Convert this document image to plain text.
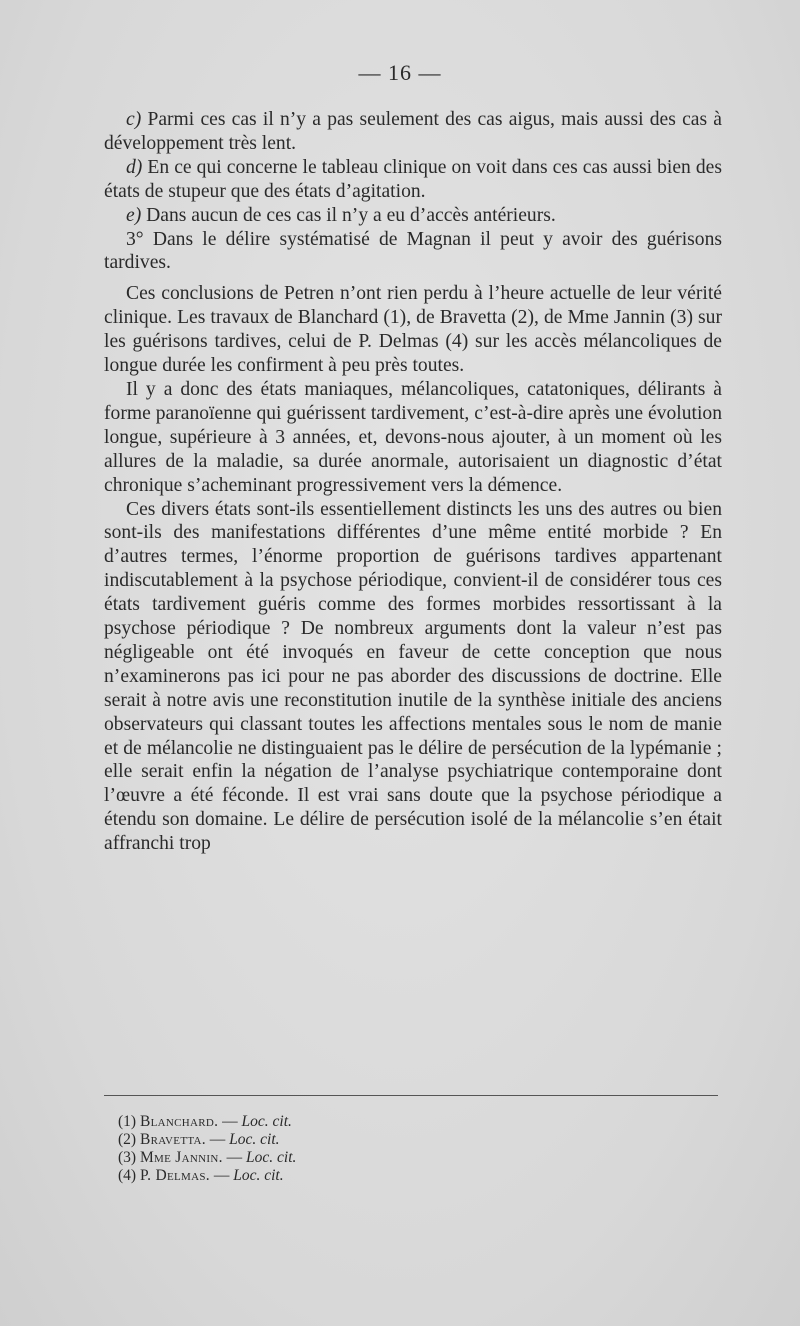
— 16 —

c) Parmi ces cas il n’y a pas seulement des cas aigus, mais aussi des cas à développement très lent.

d) En ce qui concerne le tableau clinique on voit dans ces cas aussi bien des états de stupeur que des états d’agitation.

e) Dans aucun de ces cas il n’y a eu d’accès antérieurs.

3° Dans le délire systématisé de Magnan il peut y avoir des guérisons tardives.

Ces conclusions de Petren n’ont rien perdu à l’heure actuelle de leur vérité clinique. Les travaux de Blanchard (1), de Bravetta (2), de Mme Jannin (3) sur les guérisons tardives, celui de P. Delmas (4) sur les accès mélancoliques de longue durée les confirment à peu près toutes.

Il y a donc des états maniaques, mélancoliques, catatoniques, délirants à forme paranoïenne qui guérissent tardivement, c’est-à-dire après une évolution longue, supérieure à 3 années, et, devons-nous ajouter, à un moment où les allures de la maladie, sa durée anormale, autorisaient un diagnostic d’état chronique s’acheminant progressivement vers la démence.

Ces divers états sont-ils essentiellement distincts les uns des autres ou bien sont-ils des manifestations différentes d’une même entité morbide ? En d’autres termes, l’énorme proportion de guérisons tardives appartenant indiscutablement à la psychose périodique, convient-il de considérer tous ces états tardivement guéris comme des formes morbides ressortissant à la psychose périodique ? De nombreux arguments dont la valeur n’est pas négligeable ont été invoqués en faveur de cette conception que nous n’examinerons pas ici pour ne pas aborder des discussions de doctrine. Elle serait à notre avis une reconstitution inutile de la synthèse initiale des anciens observateurs qui classant toutes les affections mentales sous le nom de manie et de mélancolie ne distinguaient pas le délire de persécution de la lypémanie ; elle serait enfin la négation de l’analyse psychiatrique contemporaine dont l’œuvre a été féconde. Il est vrai sans doute que la psychose périodique a étendu son domaine. Le délire de persécution isolé de la mélancolie s’en était affranchi trop

(1) Blanchard. — Loc. cit.

(2) Bravetta. — Loc. cit.

(3) Mme Jannin. — Loc. cit.

(4) P. Delmas. — Loc. cit.
